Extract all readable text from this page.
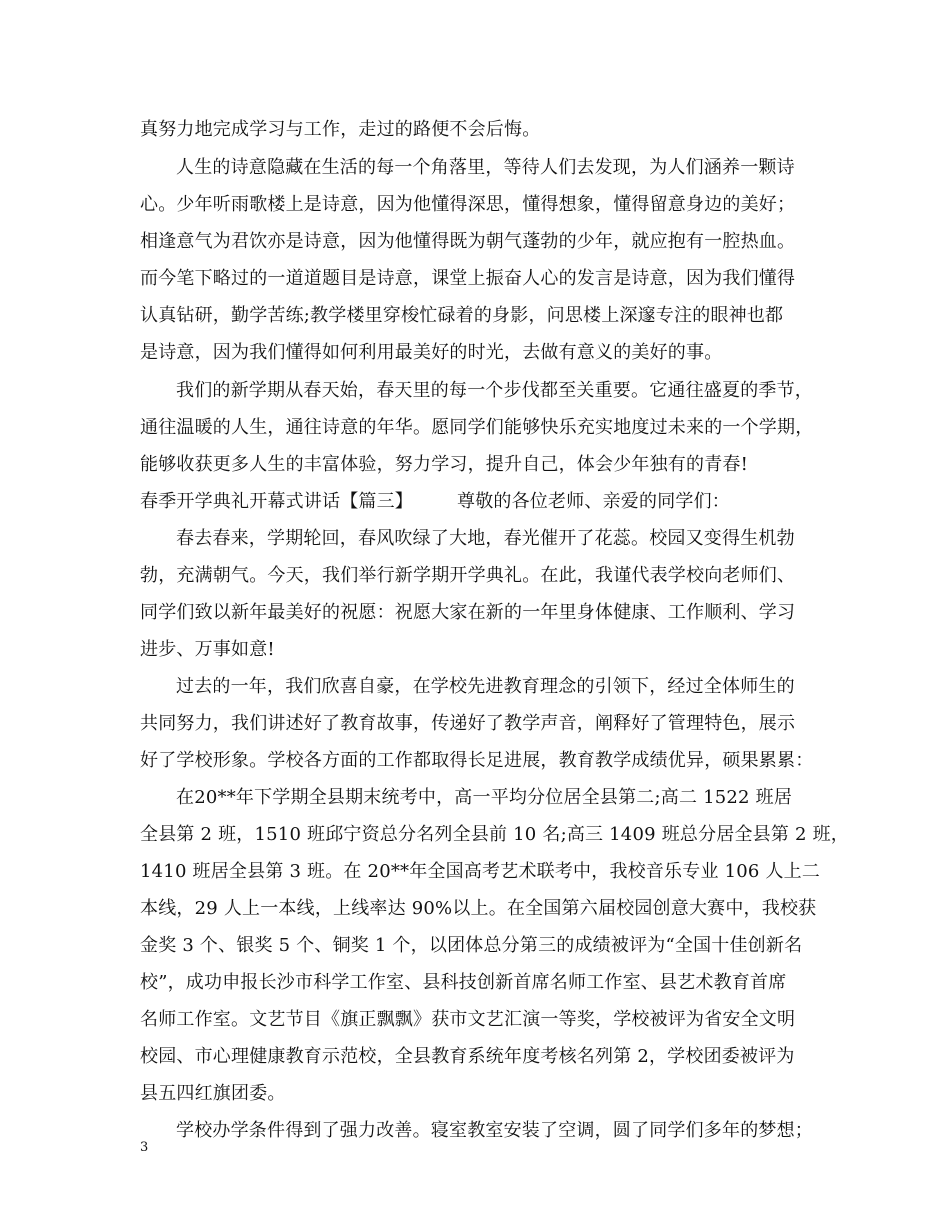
真努力地完成学习与工作，走过的路便不会后悔。
人生的诗意隐藏在生活的每一个角落里，等待人们去发现，为人们涵养一颗诗
心。少年听雨歌楼上是诗意，因为他懂得深思，懂得想象，懂得留意身边的美好；
相逢意气为君饮亦是诗意，因为他懂得既为朝气蓬勃的少年，就应抱有一腔热血。
而今笔下略过的一道道题目是诗意，课堂上振奋人心的发言是诗意，因为我们懂得
认真钻研，勤学苦练;教学楼里穿梭忙碌着的身影，问思楼上深邃专注的眼神也都
是诗意，因为我们懂得如何利用最美好的时光，去做有意义的美好的事。
我们的新学期从春天始，春天里的每一个步伐都至关重要。它通往盛夏的季节，
通往温暖的人生，通往诗意的年华。愿同学们能够快乐充实地度过未来的一个学期，
能够收获更多人生的丰富体验，努力学习，提升自己，体会少年独有的青春!
春季开学典礼开幕式讲话【篇三】 尊敬的各位老师、亲爱的同学们：
春去春来，学期轮回，春风吹绿了大地，春光催开了花蕊。校园又变得生机勃
勃，充满朝气。今天，我们举行新学期开学典礼。在此，我谨代表学校向老师们、
同学们致以新年最美好的祝愿：祝愿大家在新的一年里身体健康、工作顺利、学习
进步、万事如意!
过去的一年，我们欣喜自豪，在学校先进教育理念的引领下，经过全体师生的
共同努力，我们讲述好了教育故事，传递好了教学声音，阐释好了管理特色，展示
好了学校形象。学校各方面的工作都取得长足进展，教育教学成绩优异，硕果累累：
在20**年下学期全县期末统考中，高一平均分位居全县第二;高二 1522 班居
全县第 2 班，1510 班邱宁资总分名列全县前 10 名;高三 1409 班总分居全县第 2 班，
1410 班居全县第 3 班。在 20**年全国高考艺术联考中，我校音乐专业 106 人上二
本线，29 人上一本线，上线率达 90%以上。在全国第六届校园创意大赛中，我校获
金奖 3 个、银奖 5 个、铜奖 1 个，以团体总分第三的成绩被评为“全国十佳创新名
校”，成功申报长沙市科学工作室、县科技创新首席名师工作室、县艺术教育首席
名师工作室。文艺节目《旗正飘飘》获市文艺汇演一等奖，学校被评为省安全文明
校园、市心理健康教育示范校，全县教育系统年度考核名列第 2，学校团委被评为
县五四红旗团委。
学校办学条件得到了强力改善。寝室教室安装了空调，圆了同学们多年的梦想；
3
